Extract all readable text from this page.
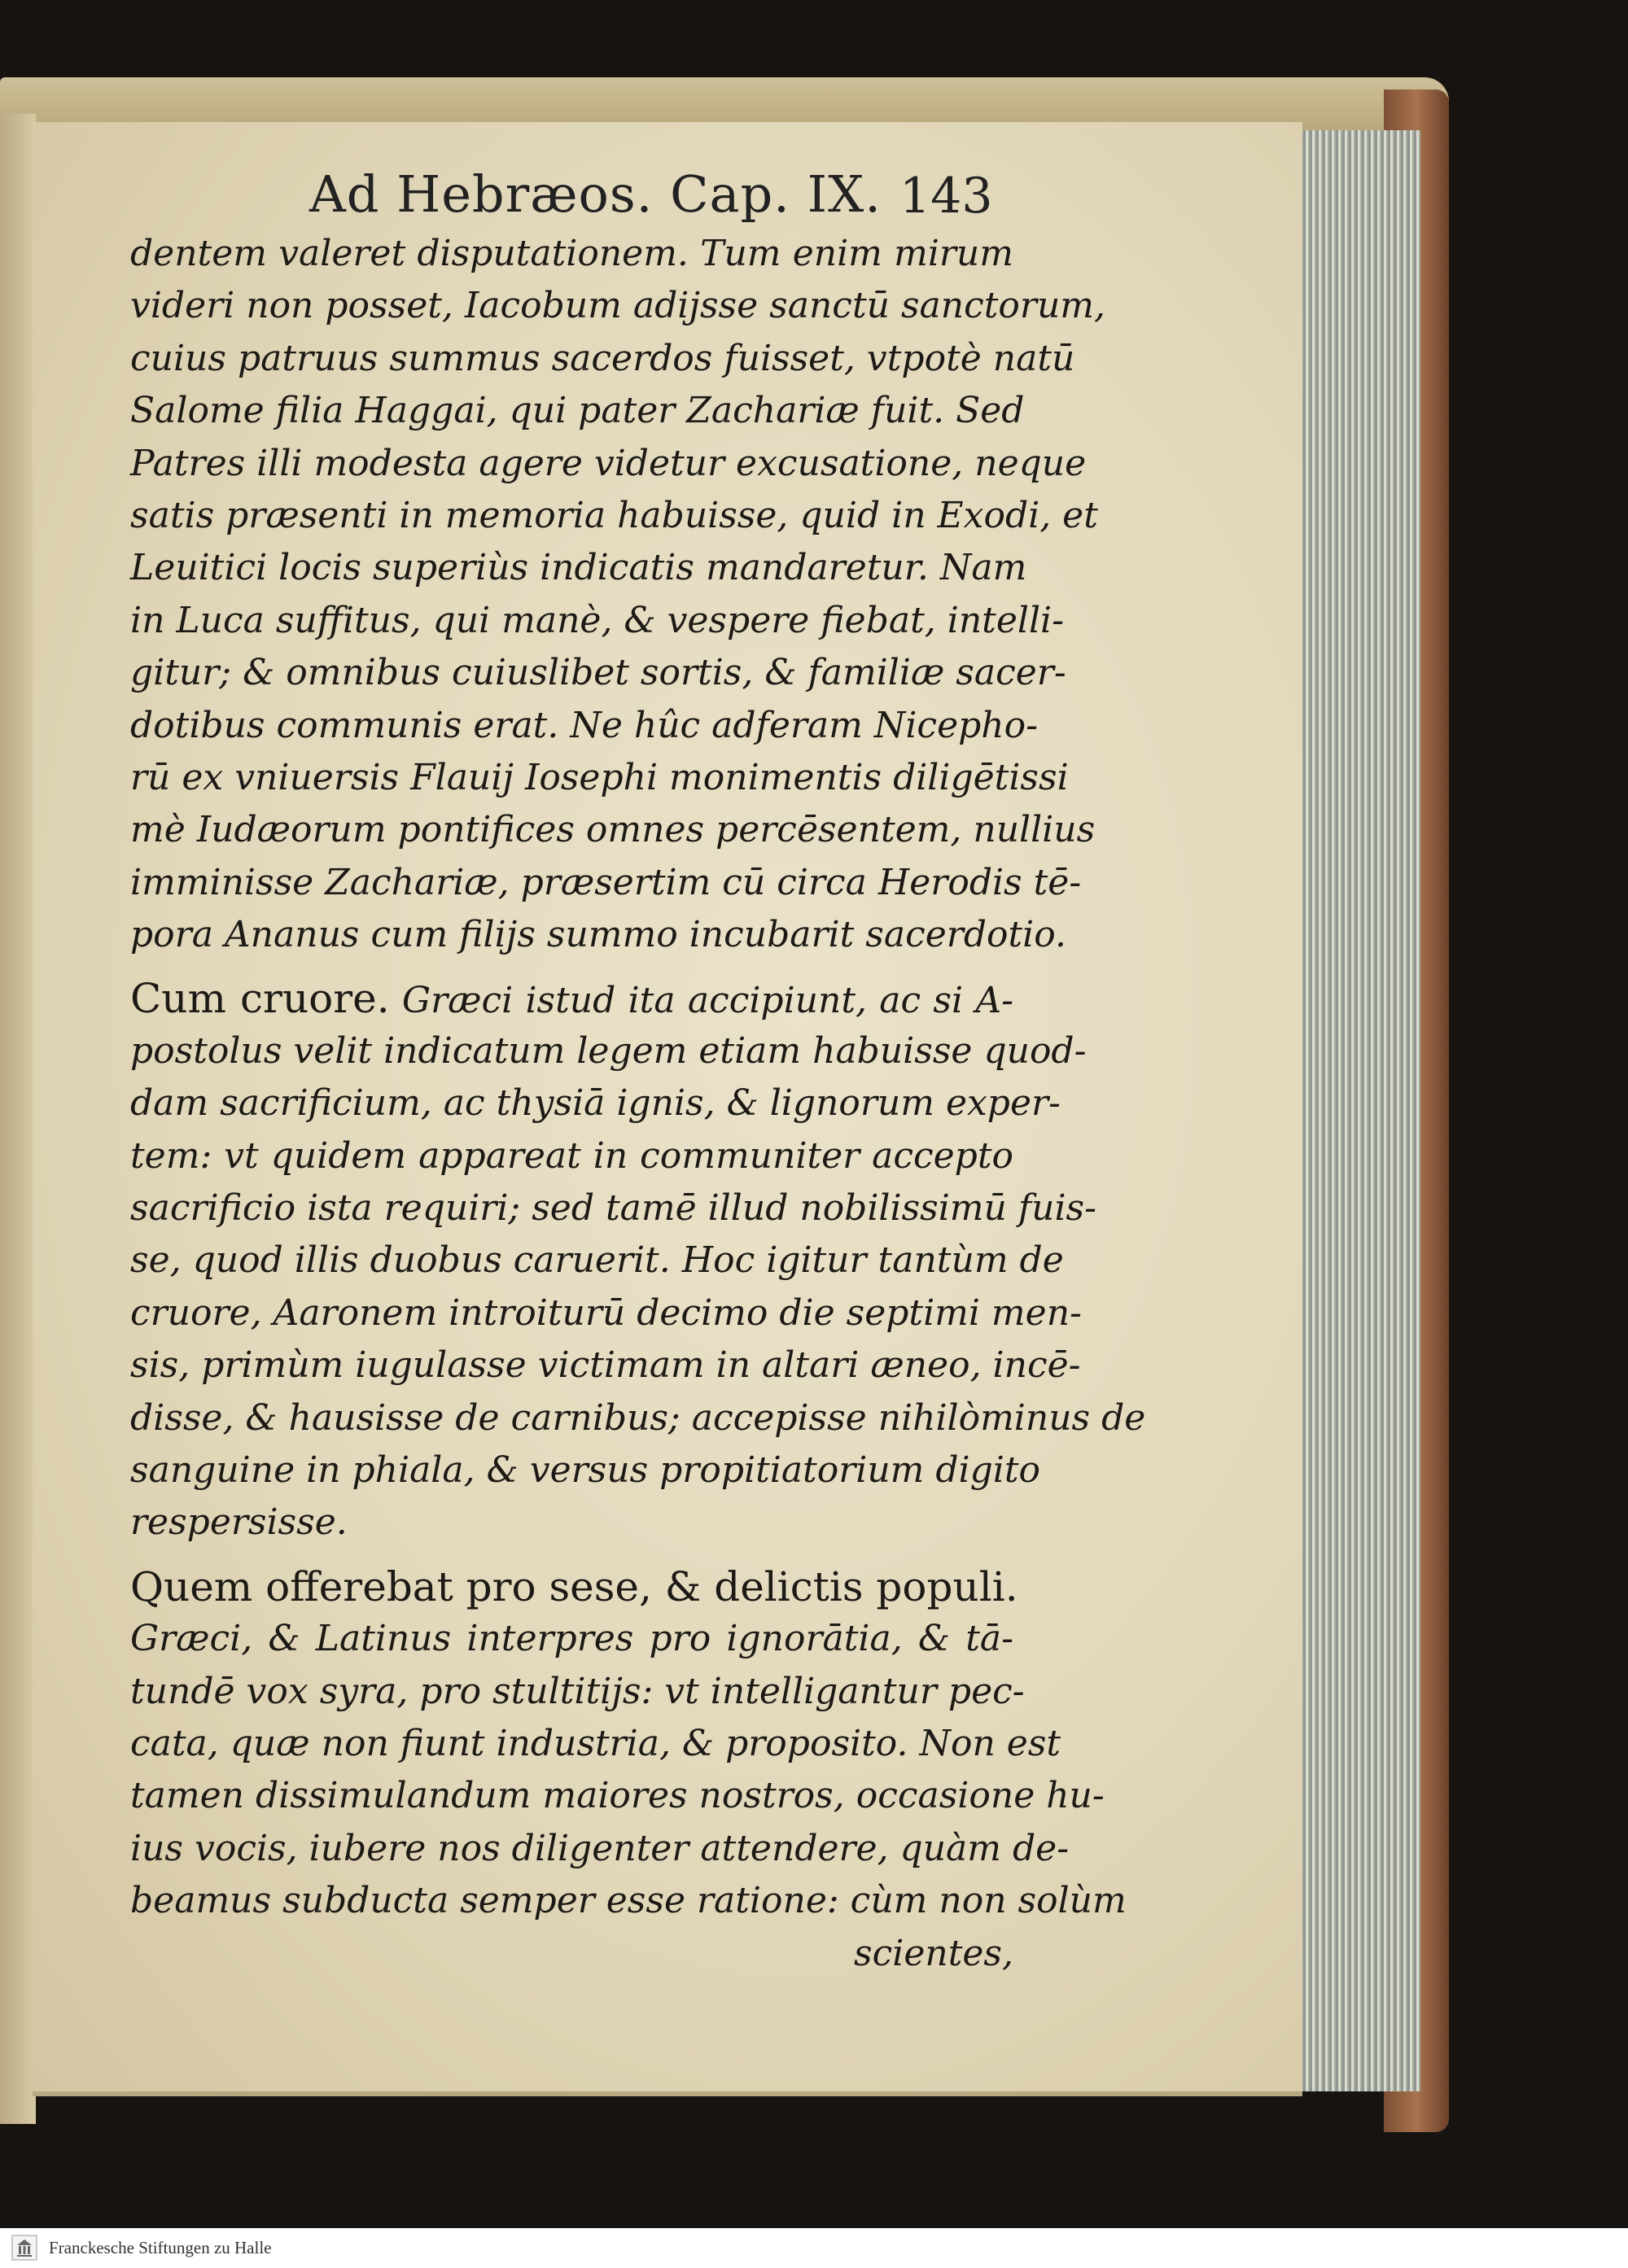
Ad Hebræos. Cap. IX. 143
dentem valeret disputationem. Tum enim mirum
videri non posset, Iacobum adijsse sanctū sanctorum,
cuius patruus summus sacerdos fuisset, vtpotè natū
Salome filia Haggai, qui pater Zachariæ fuit. Sed
Patres illi modesta agere videtur excusatione, neque
satis præsenti in memoria habuisse, quid in Exodi, et
Leuitici locis superiùs indicatis mandaretur. Nam
in Luca suffitus, qui manè, & vespere fiebat, intelli-
gitur; & omnibus cuiuslibet sortis, & familiæ sacer-
dotibus communis erat. Ne hûc adferam Nicepho-
rū ex vniuersis Flauij Iosephi monimentis diligētissi
mè Iudæorum pontifices omnes percēsentem, nullius
imminisse Zachariæ, præsertim cū circa Herodis tē-
pora Ananus cum filijs summo incubarit sacerdotio.
Cum cruore. Græci istud ita accipiunt, ac si A-
postolus velit indicatum legem etiam habuisse quod-
dam sacrificium, ac thysiā ignis, & lignorum exper-
tem: vt quidem appareat in communiter accepto
sacrificio ista requiri; sed tamē illud nobilissimū fuis-
se, quod illis duobus caruerit. Hoc igitur tantùm de
cruore, Aaronem introiturū decimo die septimi men-
sis, primùm iugulasse victimam in altari æneo, incē-
disse, & hausisse de carnibus; accepisse nihilòminus de
sanguine in phiala, & versus propitiatorium digito
respersisse.
Quem offerebat pro sese, & delictis populi.
Græci, & Latinus interpres pro ignorātia, & tā-
tundē vox syra, pro stultitijs: vt intelligantur pec-
cata, quæ non fiunt industria, & proposito. Non est
tamen dissimulandum maiores nostros, occasione hu-
ius vocis, iubere nos diligenter attendere, quàm de-
beamus subducta semper esse ratione: cùm non solùm
scientes,
Franckesche Stiftungen zu Halle
